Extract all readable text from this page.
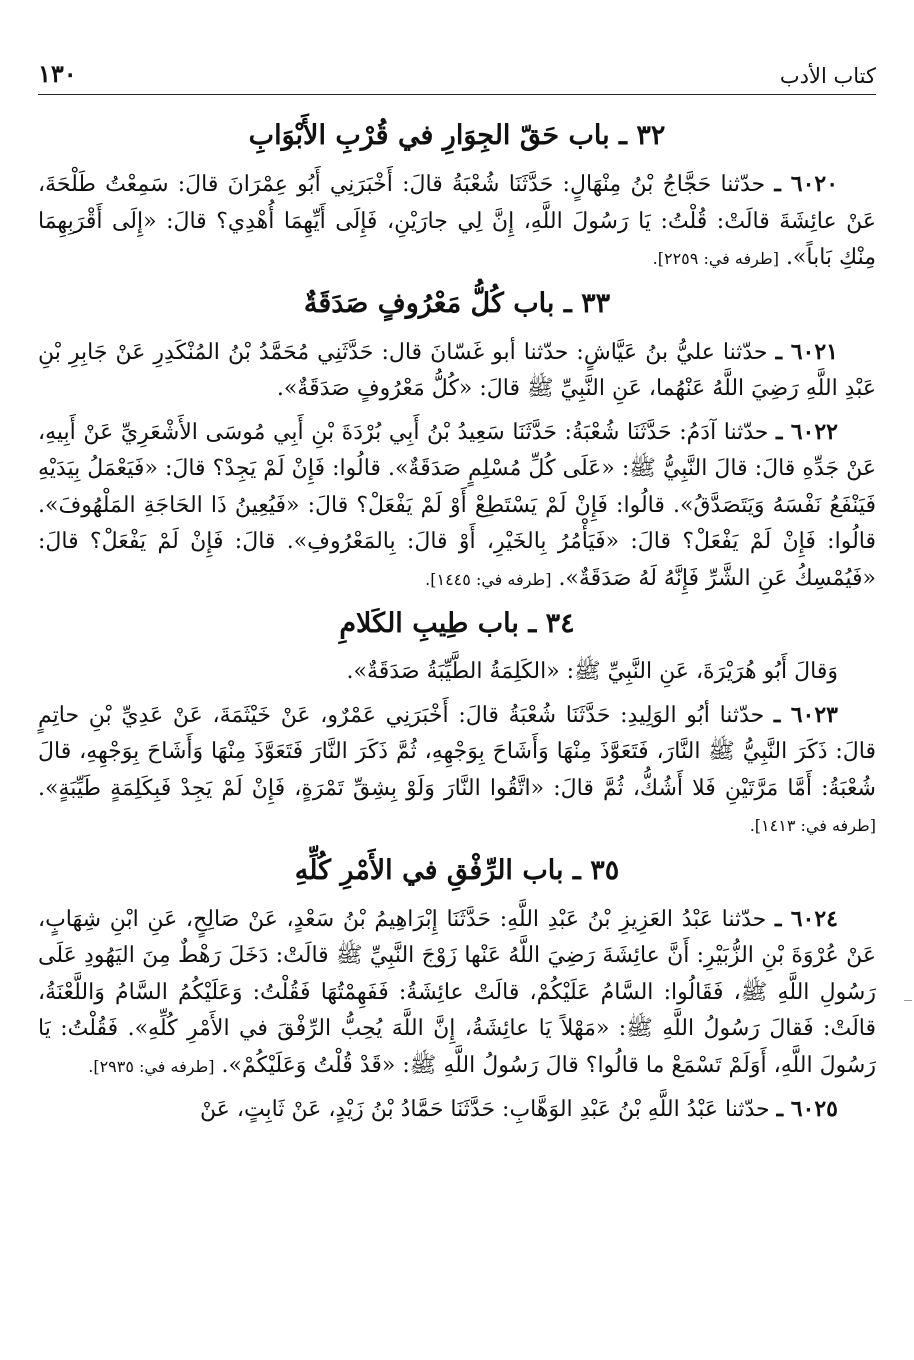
كتاب الأدب
١٣٠
٣٢ ـ باب حَقّ الجِوَارِ في قُرْبِ الأَبْوَابِ

٦٠٢٠ ـ حدّثنا حَجَّاجُ بْنُ مِنْهَالٍ: حَدَّثَنَا شُعْبَةُ قالَ: أَخْبَرَنِي أَبُو عِمْرَانَ قالَ: سَمِعْتُ طَلْحَةَ، عَنْ عائِشَةَ قالَتْ: قُلْتُ: يَا رَسُولَ اللَّهِ، إِنَّ لِي جارَيْنِ، فَإِلَى أَيِّهِمَا أُهْدِي؟ قالَ: «إِلَى أَقْرَبِهِمَا مِنْكِ بَاباً». [طرفه في: ٢٢٥٩].

٣٣ ـ باب كُلُّ مَعْرُوفٍ صَدَقَةٌ

٦٠٢١ ـ حدّثنا عليُّ بنُ عَيَّاشٍ: حدّثنا أبو غَسّانَ قال: حَدَّثَنِي مُحَمَّدُ بْنُ المُنْكَدِرِ عَنْ جَابِرِ بْنِ عَبْدِ اللَّهِ رَضِيَ اللَّهُ عَنْهُما، عَنِ النَّبِيِّ ﷺ قالَ: «كُلُّ مَعْرُوفٍ صَدَقَةٌ».

٦٠٢٢ ـ حدّثنا آدَمُ: حَدَّثَنَا شُعْبَةُ: حَدَّثَنَا سَعِيدُ بْنُ أَبِي بُرْدَةَ بْنِ أَبِي مُوسَى الأَشْعَرِيِّ عَنْ أَبِيهِ، عَنْ جَدِّهِ قالَ: قالَ النَّبِيُّ ﷺ: «عَلَى كُلِّ مُسْلِمٍ صَدَقَةٌ». قالُوا: فَإِنْ لَمْ يَجِدْ؟ قالَ: «فَيَعْمَلُ بِيَدَيْهِ فَيَنْفَعُ نَفْسَهُ وَيَتَصَدَّقُ». قالُوا: فَإِنْ لَمْ يَسْتَطِعْ أَوْ لَمْ يَفْعَلْ؟ قالَ: «فَيُعِينُ ذَا الحَاجَةِ المَلْهُوفَ». قالُوا: فَإِنْ لَمْ يَفْعَلْ؟ قالَ: «فَيَأْمُرُ بِالخَيْرِ، أَوْ قالَ: بِالمَعْرُوفِ». قالَ: فَإِنْ لَمْ يَفْعَلْ؟ قالَ: «فَيُمْسِكُ عَنِ الشَّرِّ فَإِنَّهُ لَهُ صَدَقَةٌ». [طرفه في: ١٤٤٥].

٣٤ ـ باب طِيبِ الكَلامِ

وَقالَ أَبُو هُرَيْرَةَ، عَنِ النَّبِيِّ ﷺ: «الكَلِمَةُ الطَّيِّبَةُ صَدَقَةٌ».

٦٠٢٣ ـ حدّثنا أبُو الوَلِيدِ: حَدَّثَنَا شُعْبَةُ قالَ: أَخْبَرَنِي عَمْرٌو، عَنْ خَيْثَمَةَ، عَنْ عَدِيِّ بْنِ حاتِمٍ قالَ: ذَكَرَ النَّبِيُّ ﷺ النَّارَ، فَتَعَوَّذَ مِنْهَا وَأَشَاحَ بِوَجْهِهِ، ثُمَّ ذَكَرَ النَّارَ فَتَعَوَّذَ مِنْهَا وَأَشَاحَ بِوَجْهِهِ، قالَ شُعْبَةُ: أَمَّا مَرَّتَيْنِ فَلا أَشُكُّ، ثُمَّ قالَ: «اتَّقُوا النَّارَ وَلَوْ بِشِقِّ تَمْرَةٍ، فَإِنْ لَمْ يَجِدْ فَبِكَلِمَةٍ طَيِّبَةٍ». [طرفه في: ١٤١٣].

٣٥ ـ باب الرِّفْقِ في الأَمْرِ كُلِّهِ

٦٠٢٤ ـ حدّثنا عَبْدُ العَزِيزِ بْنُ عَبْدِ اللَّهِ: حَدَّثَنَا إِبْرَاهِيمُ بْنُ سَعْدٍ، عَنْ صَالِحٍ، عَنِ ابْنِ شِهَابٍ، عَنْ عُرْوَةَ بْنِ الزُّبَيْرِ: أَنَّ عائِشَةَ رَضِيَ اللَّهُ عَنْها زَوْجَ النَّبِيِّ ﷺ قالَتْ: دَخَلَ رَهْطٌ مِنَ اليَهُودِ عَلَى رَسُولِ اللَّهِ ﷺ، فَقَالُوا: السَّامُ عَلَيْكُمْ، قالَتْ عائِشَةُ: فَفَهِمْتُهَا فَقُلْتُ: وَعَلَيْكُمُ السَّامُ وَاللَّعْنَةُ، قالَتْ: فَقالَ رَسُولُ اللَّهِ ﷺ: «مَهْلاً يَا عائِشَةُ، إِنَّ اللَّهَ يُحِبُّ الرِّفْقَ في الأَمْرِ كُلِّهِ». فَقُلْتُ: يَا رَسُولَ اللَّهِ، أَوَلَمْ تَسْمَعْ ما قالُوا؟ قالَ رَسُولُ اللَّهِ ﷺ: «قَدْ قُلْتُ وَعَلَيْكُمْ». [طرفه في: ٢٩٣٥].

٦٠٢٥ ـ حدّثنا عَبْدُ اللَّهِ بْنُ عَبْدِ الوَهَّابِ: حَدَّثَنَا حَمَّادُ بْنُ زَيْدٍ، عَنْ ثَابِتٍ، عَنْ
